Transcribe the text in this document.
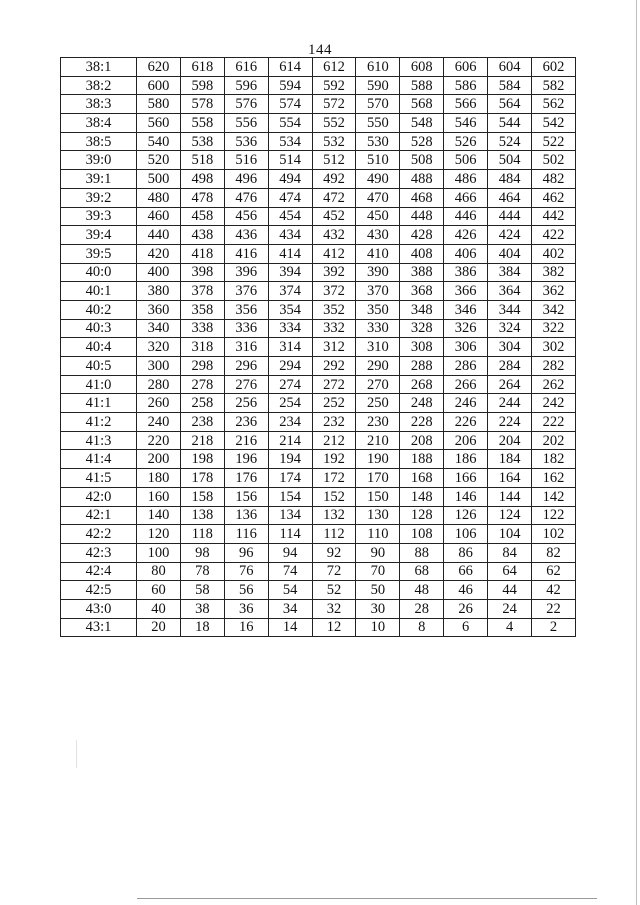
144
38:1	620	618	616	614	612	610	608	606	604	602
38:2	600	598	596	594	592	590	588	586	584	582
38:3	580	578	576	574	572	570	568	566	564	562
38:4	560	558	556	554	552	550	548	546	544	542
38:5	540	538	536	534	532	530	528	526	524	522
39:0	520	518	516	514	512	510	508	506	504	502
39:1	500	498	496	494	492	490	488	486	484	482
39:2	480	478	476	474	472	470	468	466	464	462
39:3	460	458	456	454	452	450	448	446	444	442
39:4	440	438	436	434	432	430	428	426	424	422
39:5	420	418	416	414	412	410	408	406	404	402
40:0	400	398	396	394	392	390	388	386	384	382
40:1	380	378	376	374	372	370	368	366	364	362
40:2	360	358	356	354	352	350	348	346	344	342
40:3	340	338	336	334	332	330	328	326	324	322
40:4	320	318	316	314	312	310	308	306	304	302
40:5	300	298	296	294	292	290	288	286	284	282
41:0	280	278	276	274	272	270	268	266	264	262
41:1	260	258	256	254	252	250	248	246	244	242
41:2	240	238	236	234	232	230	228	226	224	222
41:3	220	218	216	214	212	210	208	206	204	202
41:4	200	198	196	194	192	190	188	186	184	182
41:5	180	178	176	174	172	170	168	166	164	162
42:0	160	158	156	154	152	150	148	146	144	142
42:1	140	138	136	134	132	130	128	126	124	122
42:2	120	118	116	114	112	110	108	106	104	102
42:3	100	98	96	94	92	90	88	86	84	82
42:4	80	78	76	74	72	70	68	66	64	62
42:5	60	58	56	54	52	50	48	46	44	42
43:0	40	38	36	34	32	30	28	26	24	22
43:1	20	18	16	14	12	10	8	6	4	2
